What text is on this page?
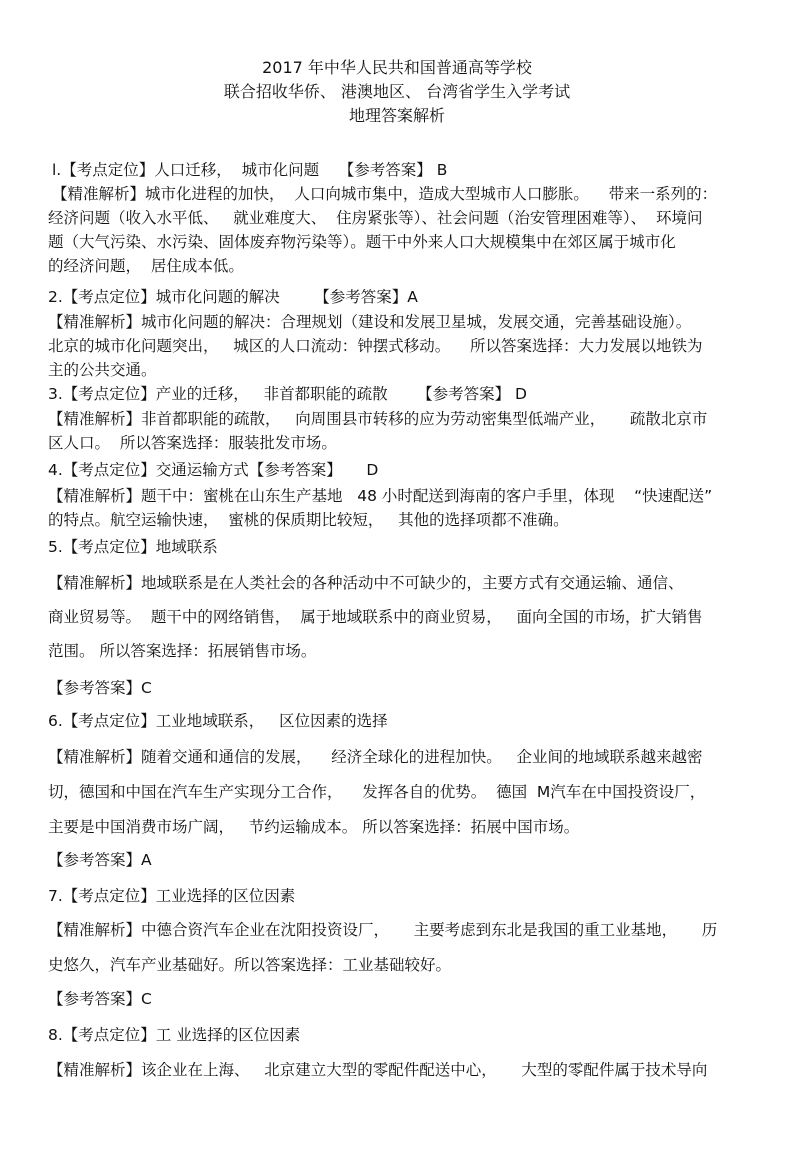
2017 年中华人民共和国普通高等学校
联合招收华侨、 港澳地区、 台湾省学生入学考试
地理答案解析
l.【考点定位】人口迁移，  城市化问题    【参考答案】 B
【精准解析】城市化进程的加快，  人口向城市集中，造成大型城市人口膨胀。    带来一系列的：
经济问题（收入水平低、   就业难度大、  住房紧张等）、社会问题（治安管理困难等）、  环境问
题（大气污染、水污染、固体废弃物污染等）。题干中外来人口大规模集中在郊区属于城市化
的经济问题，  居住成本低。
2.【考点定位】城市化问题的解决       【参考答案】A
【精准解析】城市化问题的解决：合理规划（建设和发展卫星城，发展交通，完善基础设施）。
北京的城市化问题突出，   城区的人口流动：钟摆式移动。    所以答案选择：大力发展以地铁为
主的公共交通。
3.【考点定位】产业的迁移，   非首都职能的疏散      【参考答案】 D
【精准解析】非首都职能的疏散，   向周围县市转移的应为劳动密集型低端产业，     疏散北京市
区人口。  所以答案选择：服装批发市场。
4.【考点定位】交通运输方式【参考答案】     D
【精准解析】题干中：蜜桃在山东生产基地   48 小时配送到海南的客户手里，体现    “快速配送”
的特点。航空运输快速，  蜜桃的保质期比较短，   其他的选择项都不准确。
5.【考点定位】地域联系
【精准解析】地域联系是在人类社会的各种活动中不可缺少的，主要方式有交通运输、通信、
商业贸易等。  题干中的网络销售，  属于地域联系中的商业贸易，   面向全国的市场，扩大销售
范围。 所以答案选择：拓展销售市场。
【参考答案】C
6.【考点定位】工业地域联系，   区位因素的选择
【精准解析】随着交通和通信的发展，    经济全球化的进程加快。   企业间的地域联系越来越密
切，德国和中国在汽车生产实现分工合作，    发挥各自的优势。  德国  M汽车在中国投资设厂，
主要是中国消费市场广阔，   节约运输成本。 所以答案选择：拓展中国市场。
【参考答案】A
7.【考点定位】工业选择的区位因素
【精准解析】中德合资汽车企业在沈阳投资设厂，     主要考虑到东北是我国的重工业基地，     历
史悠久，汽车产业基础好。所以答案选择：工业基础较好。
【参考答案】C
8.【考点定位】工 业选择的区位因素
【精准解析】该企业在上海、   北京建立大型的零配件配送中心，     大型的零配件属于技术导向
